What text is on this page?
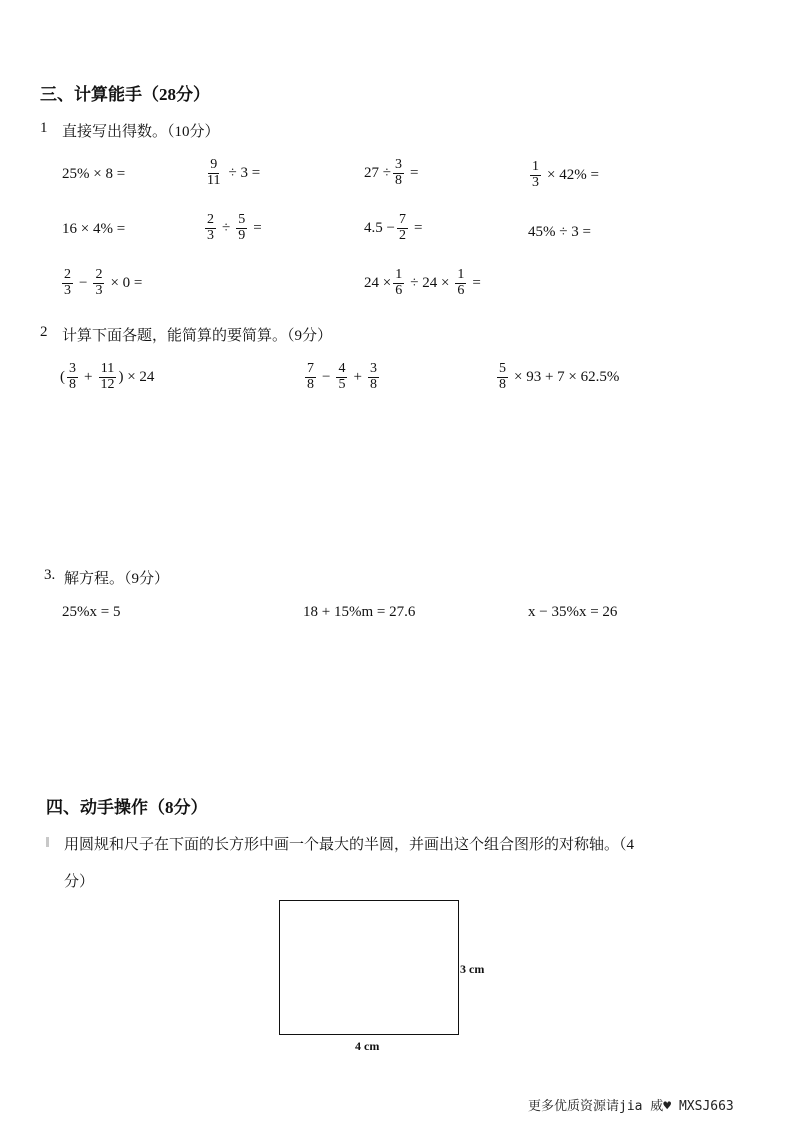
三、计算能手（28分）
1 直接写出得数。（10分）
25% × 8 =	$\frac{9}{11} \div 3$ =	$27 \div \frac{3}{8}$ =	$\frac{1}{3} \times 42\%$ =
16 × 4% =	$\frac{2}{3} \div \frac{5}{9}$ =	$4.5 - \frac{7}{2}$ =	45% ÷ 3 =
$\frac{2}{3} - \frac{2}{3} \times 0$ =	$24 \times \frac{1}{6} \div 24 \times \frac{1}{6}$ =
2 计算下面各题，能简算的要简算。（9分）
( $\frac{3}{8} + \frac{11}{12}$ ) × 24	$\frac{7}{8} - \frac{4}{5} + \frac{3}{8}$	$\frac{5}{8} \times 93 + 7 \times 62.5\%$
3. 解方程。（9分）
25%x = 5	18 + 15%m = 27.6	x − 35%x = 26
四、动手操作（8分）
用圆规和尺子在下面的长方形中画一个最大的半圆，并画出这个组合图形的对称轴。（4
分）
3 cm
4 cm
更多优质资源请jia 威♥ MXSJ663
